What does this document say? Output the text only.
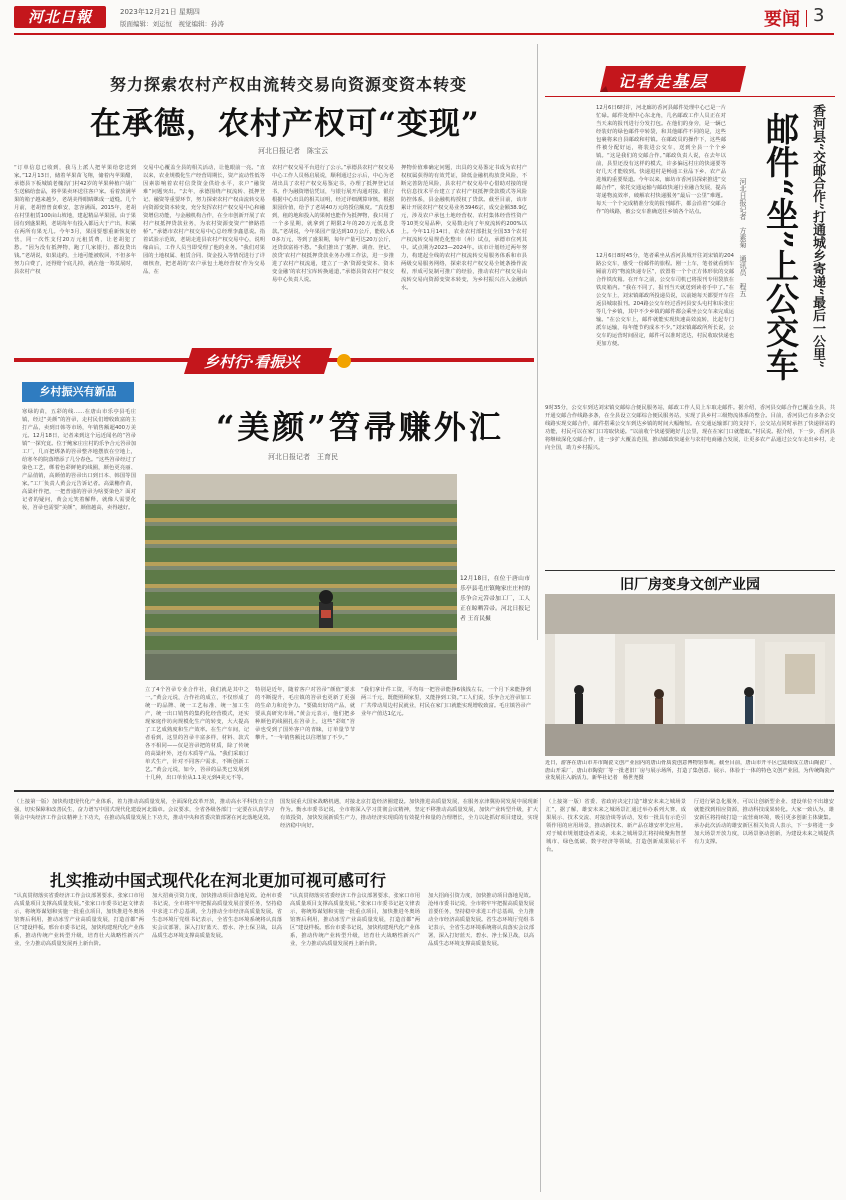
河北日報	2023年12月21日 星期四
版面编辑：刘运恒　视觉编辑：孙涛	要闻 3
努力探索农村产权由流转交易向资源变资本转变
在承德，农村产权可“变现”
河北日报记者　陈宝云
“订单信息已收到，我马上派人把苹果给您送到家。”12月13日，储着苹果苗飞翔，储着内苹果醋，承德县下板城镇老槐沟门村42岁的苹果种植户胡广生送稿给套品，将苹果卖环送往客户家。看着放满苹果的箱子越来越少，老胡美得眼睛眯成一道缝。几个月前，老胡曾曾食难安，忽容满面。2015年，老胡在村里租赁100亩山坡地，建起精品苹果园。由于果园有到盛果期，老胡每年有投入都远大于产出，积累在两所有果无几。今年3月，果园要想重新恢复经营，同一次性支付20万元租赁费，让老胡犯了愁。“因为没有抵押物，跑了几家银行，都没贷出钱。”老胡说，如果违约，土地可能被收回，不但多年努力白费了，还得赔个底儿掉，就在他一筹莫展时，县农村产权
交易中心覆盖全县的相关活动，让他眼前一亮。“直以来，农业规模化生产经营周期长，资产流动性低等因素影响着农村信贷资金供给水平，农户“融资难”问题突出。“去年，承德围绕产权流转、抵押登记、融资等重要环节，努力探索农村产权由流转交易向资源变资本转变，充分发挥农村产权交易中心和融资增信功能，与金融机构合作，在全市创新开展了农村产权抵押贷款业务，为农村资源变资产“修路搭桥”。”承德市农村产权交易中心总经理李鑫恩说。指着试验示范效，老胡走进县农村产权交易中心，说明缘由后，工作人员当即受理了他的业务。“我们对果园的土地权属、租赁合同、资金投入等情况进行了详细核查，把老胡的‘农户承包土地经营权’作为交易品，在
农村产权交易平台进行了公示。”承德县农村产权交易中心工作人员杨启展说，顺利通过公示后，中心为老胡出具了农村产权交易鉴定书，办理了抵押登记证书，作为融资增信凭证，与银行展开沟通对接。银行根据中心出具的相关证明，经过详细测算审核，根据果园价值，给予了老胡40万元的授信额度。“真没想到，租的地和投入的果树也能作为抵押物，我只用了一个多星期，就拿到了期限2年的20万元低息贷款。”老胡说，今年果园产量达到10万公斤，能收入60多万元，等到了盛果期，每年产量可达20万公斤，还贷款富裕不愁。“我们推出了‘抵押、调查、登记、放贷’农村产权抵押贷款业务办理工作法，进一步推进了农村产权流通，建立了一条‘资源变资本、资本变金融’的农村宝库转换通道，”承德县资农村产权交易中心负责人说。
押物价值难确定问题，出具的交易鉴定书成为农村产权权属获得的有效凭证，降低金融机构放贷风险，不断完善防范风险，县农村产权交易中心借助对接的现代信息技术平台建立了农村产权抵押贷款模式等风险防控体系，县金融机构授权了贷款。截至目前，该市累计开展农村产权交易业务3946宗，成交金额38.9亿元，涉及农户承包土地经营权、农村集体经营性资产等10类交易品种，交易数走向了年度流转约200%以上。今年11月14日，农业农村部批复全国33个农村产权流转交易规范化整市（州）试点，承德市位列其中。试点期为2023—2024年。该市计划经过两年努力，构建起全线的农村产权流转交易服务体系和市县两级交易服务网络，探索农村产权交易全链条操作流程，形成可复制可推广的经验，推动农村产权交易由流转交易向资源变资本转变，为乡村振兴注入金融活水。
记者走基层
香河县“交邮合作”打通城乡寄递“最后一公里”
邮件“坐”上公交车
河北日报记者　方素菊　通讯员　程五
12月6日6时许，河北廊坊香河县邮件处理中心已是一片忙碌。邮件处理中心东北角，几名邮政工作人员正在对当天来的报刊进行分发打包。在他们的身旁，是一辆已经装好的绿色邮件中转袋，和其他邮件不同的是，这些包裹将来自县邮政和村镇。在邮政员的操作下，这些邮件被分配好运，将装进公交车，送到全县一个个乡镇。“这是我们的交邮合作。”邮政负责人说，在去年以前，县里还没有这样的模式，许多偏远村庄的快递要等好几天才能收到。快递进村是畅通工业品下乡、农产品进城的重要渠道。今年以来，廊坊市香河县探索推进“交邮合作”，依托交通运输与邮政快递行业融合发展，提高寄递物流效率，破解农村快递服务“最后一公里”难题。每天一个个完成精准分发的报刊邮件，都会沿着“交邮合作”的线路，被公交车准确送往乡镇各个站点。
12月6日8时45分，笔者乘坐从香河县城开往刘宋镇的204路公交车，感受一份邮件的旅程。刚一上车，笔者就看到车厢前方的“物流快递专区”，放置着一个个正方体形状的交邮合作铁皮箱。在开车之前，公交车司机已将报刊专用袋放在铁皮箱内。“我在不同了，报刊当天就送到读者手中了。”在公交车上，刘宋镇邮政所投递员说，以前她每天都要开车往返县城取报刊。204路公交车经过香河县安头屯村和东张庄等几个乡镇，其中不少乡镇的邮件都会乘坐公交车来完成运输。“在公交车上，邮件就能实现快速高效流转，比起专门派车运输，每年能节约成本不少。”刘宋镇邮政所所长说，公交车的运营时间固定，邮件可以准时送达，村民收取快递也更加方便。
9时35分，公交车到达刘宋镇交邮综合便民服务站，邮政工作人员上车取走邮件。据介绍，香河县交邮合作已覆盖全县，共开通交邮合作线路多条，在全县设立交邮综合便民服务站，实现了县乡村三级物流体系的整合。目前，香河县已有多条公交线路实现交邮合作，邮件搭乘公交车到达乡镇的时间大幅缩短。在交通运输部门的支持下，公交站点同时承担了快递驿站的功能，村民可以在家门口寄取快递。“以前收个快递要跑好几公里，现在在家门口就能取。”村民说。据介绍，下一步，香河县将继续深化交邮合作，进一步扩大覆盖范围，推动邮政快递业与农村电商融合发展，让更多农产品通过公交车走出乡村，走向全国，助力乡村振兴。
旧厂房变身文创产业园
近日，游客在唐山市井市陶瓷文创产业园内的唐山骨质瓷创意博物馆参观。截至目前，唐山市开平区已陆续成立唐山陶瓷厂、唐山开采厂、唐山市陶瓷厂等一批老旧厂房与展示场所，打造了集创意、展示、体验于一体的特色文创产业园，为传统陶瓷产业发展注入新活力。新华社记者　杨世尧摄
乡村行·看振兴
乡村振兴有新品
“美颜”笤帚赚外汇
河北日报记者　王育民
寒绿的苗，五彩的线……在唐山市乐亭县毛庄镇，经过“美颜”的笤帚，走村民们增收致富的主打产品，卖到日韩等市场，年销售额超400万美元。12月18日，记者来到这个远近闻名的“笤帚镇”一探究竟。位于鲍家庄庄村的乐争合元笤帚加工厂，几百把绑条的笤帚整齐地摆放在空地上，给寒冬的院落增添了几分春色。“这些笤帚经过了染色工艺，绑着色彩鲜艳的线圈，颜色更亮丽、产品俏销，高颜值的笤帚出口到日本、韩国等国家。”工厂负责人黄会元告诉记者。高粱穗作苗，高粱秆作把，一把普通的笤帚为啥要染色？面对记者的疑问，黄会元笑着解释，就像人需要化妆，笤帚也需要“美颜”，颜值越高，卖得越好。
12月18日，在位于唐山市乐亭县毛庄镇鲍家庄庄村的乐争合元笤帚加工厂，工人正在晾晒笤帚。河北日报记者 王育民摄
立了4个笤帚专业合作社，我们就是其中之一。”黄会元说，合作社的成立，不仅形成了统一的品牌、统一工艺标准、统一加工生产，统一出口销售的集约化经营模式，还实现家庭作坊向规模化生产的转变，大大提高了工艺成熟度和生产效率。在生产车间，记者看到，这里的笤帚丰富多样，材料、款式各不相同——仅是笤帚把的材质，除了传统的高粱秆外，还有木质等产品。“我们采取订单式生产，针对不同客户需求，不断创新工艺。”黄会元说，如今，笤帚的品类已发展到十几种，出口单价从1.1美元到4美元不等。
特别是近年，随着客户对笤帚“颜值”要求的不断提升，毛庄镇的笤帚也更新了更强的生命力和竞争力。“要做出好的产品，就要从真研究市场。”黄会元表示，他们把多种颜色的线圈扎在笤帚上，这些“彩虹”笤帚也受到了国外客户的青睐，订单量节节攀升。“一年销售额比以往增加了不少。”
“我们拿计件工资，平均每一把笤帚能挣6钱钱左右，一个月下来能挣到两三千元，既能照顾家里，又能挣到工资。”工人们说，乐争合元笤帚加工厂共带动周边村民就业，村民在家门口就能实现增收致富。毛庄镇笤帚产业年产值达1亿元。
（上接第一版）加快构建现代化产业体系，着力推动高质量发展，全面深化改革开放，推动高水平科技自立自强，切实保障和改善民生，奋力谱写中国式现代化建设河北篇章。会议要求，全省各级各部门一定要在认真学习领会中央经济工作会议精神上下功夫，在推动高质量发展上下功夫，推动中央和省委决策部署在河北落地见效。
国发展重大国家战略机遇，对接北京打造经济圈建设。加快推进高质量发展，在服务京津冀协同发展中展现新作为。衡水市委书记说，全市将深入学习贯彻会议精神，坚定不移推动高质量发展，加快产业转型升级，扩大有效投资，加快发展新质生产力，推动经济实现质的有效提升和量的合理增长，全力以赴抓好项目建设，实现经济稳中向好。
扎实推动中国式现代化在河北更加可视可感可行
“认真贯彻落实省委经济工作会议部署要求，张家口市用高质量项目支撑高质量发展。”张家口市委书记赵文律表示，将统筹谋划和实施一批重点项目，加快推进冬奥场馆赛后利用，推动冰雪产业高质量发展，打造首都“两区”建设样板。邢台市委书记说，加快构建现代化产业体系，推动传统产业转型升级，培育壮大战略性新兴产业，全力推动高质量发展再上新台阶。
加大招商引资力度，加快推动项目落地见效。沧州市委书记说，全市将牢牢把握高质量发展首要任务，坚持稳中求进工作总基调，全力推动全市经济高质量发展。省生态环境厅党组书记表示，全省生态环境系统将认真落实会议部署，深入打好蓝天、碧水、净土保卫战，以高品质生态环境支撑高质量发展。
“认真贯彻落实省委经济工作会议部署要求，张家口市用高质量项目支撑高质量发展。”张家口市委书记赵文律表示，将统筹谋划和实施一批重点项目，加快推进冬奥场馆赛后利用，推动冰雪产业高质量发展，打造首都“两区”建设样板。邢台市委书记说，加快构建现代化产业体系，推动传统产业转型升级，培育壮大战略性新兴产业，全力推动高质量发展再上新台阶。
加大招商引资力度，加快推动项目落地见效。沧州市委书记说，全市将牢牢把握高质量发展首要任务，坚持稳中求进工作总基调，全力推动全市经济高质量发展。省生态环境厅党组书记表示，全省生态环境系统将认真落实会议部署，深入打好蓝天、碧水、净土保卫战，以高品质生态环境支撑高质量发展。
（上接第一版）省委、省政府决定打造“雄安未来之城场景汇”，据了解，雄安未来之城场景汇通过举办系列大赛、成果展示、技术交流、对接洽谈等活动，发布一批具有示范引领作用的应用场景，推动新技术、新产品在雄安率先应用。对于城市规划建设者来说，未来之城场景汇将持续聚焦智慧城市、绿色低碳、数字经济等领域，打造创新成果展示平台。
厅进行紧急化服务，可以让创新型企业、建设单位不出雄安就能找到相应资源，推动科技成果转化。大家一致认为，雄安新区将持续打造一流营商环境，吸引更多创新主体聚集。承办此次活动的雄安新区相关负责人表示，下一步将进一步加大场景开放力度，以场景驱动创新，为建设未来之城提供有力支撑。
